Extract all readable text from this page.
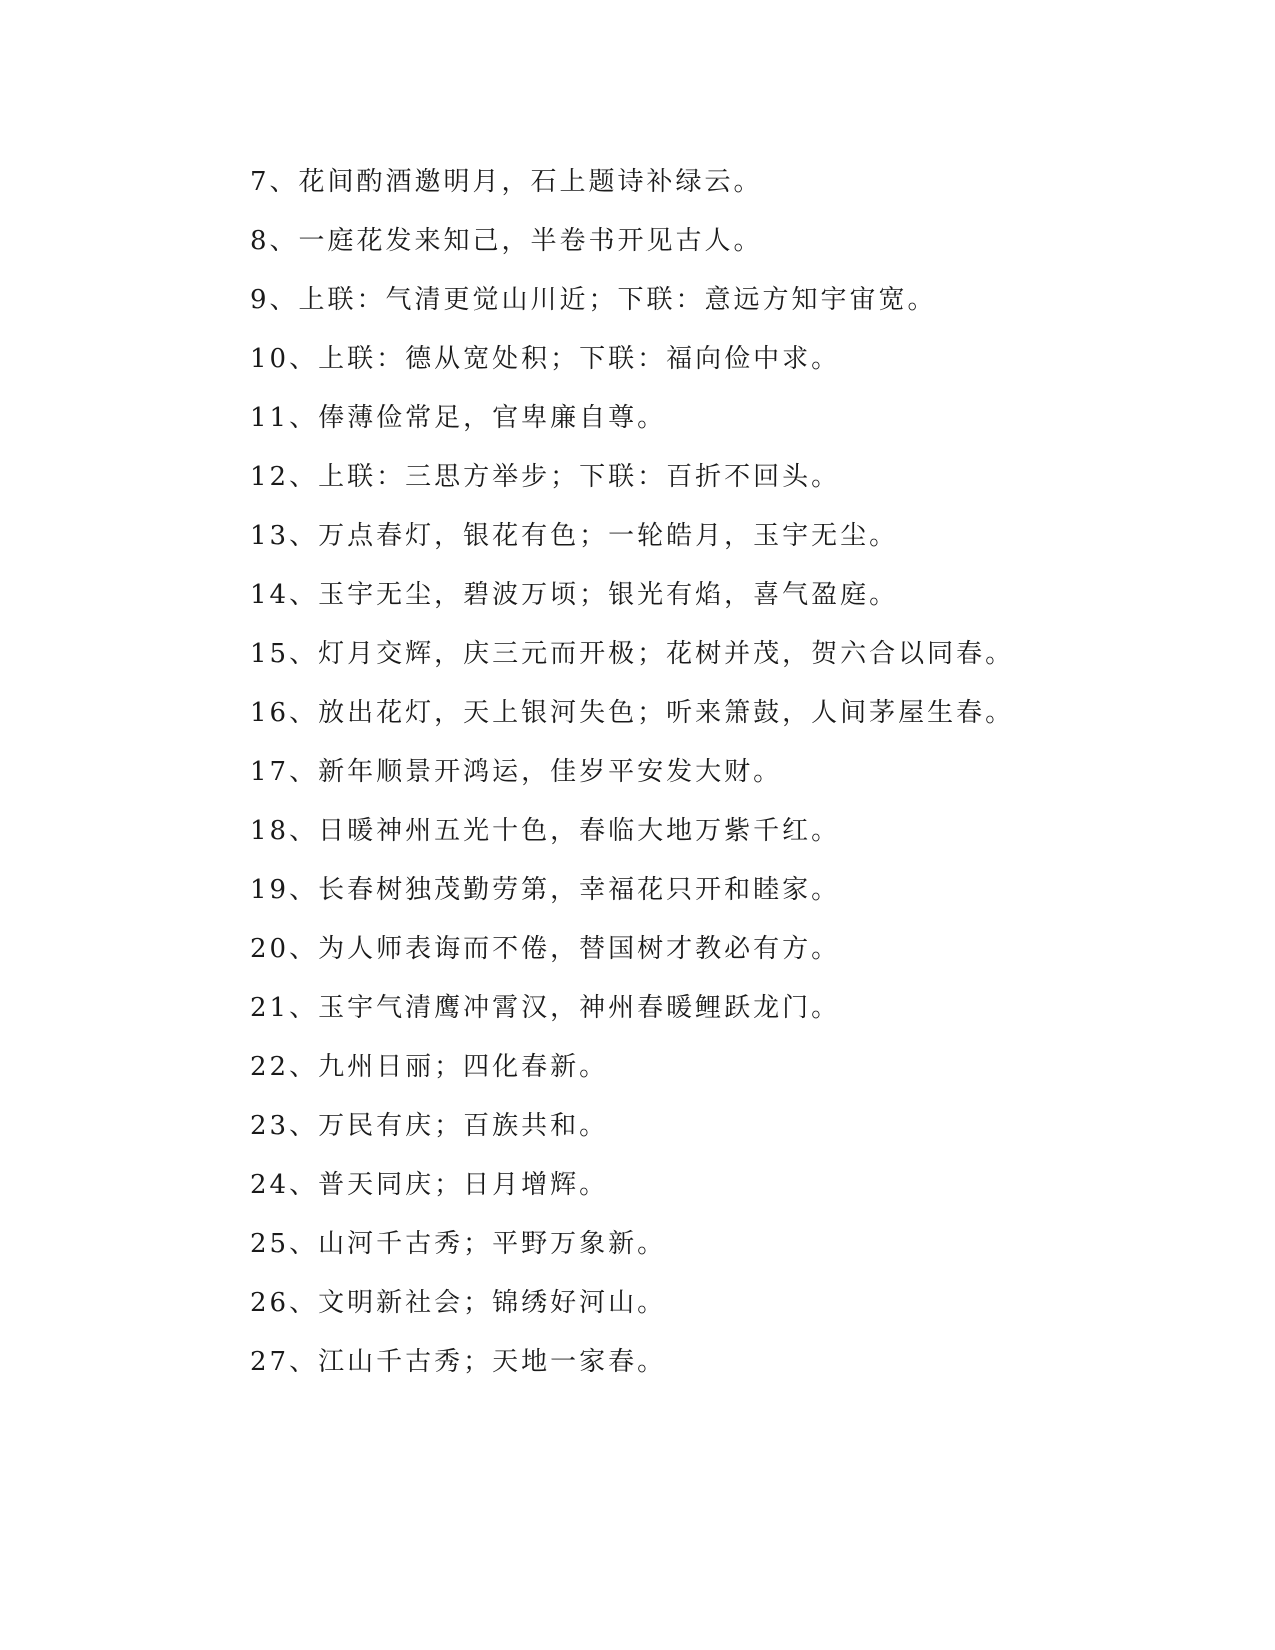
7、花间酌酒邀明月，石上题诗补绿云。
8、一庭花发来知己，半卷书开见古人。
9、上联：气清更觉山川近；下联：意远方知宇宙宽。
10、上联：德从宽处积；下联：福向俭中求。
11、俸薄俭常足，官卑廉自尊。
12、上联：三思方举步；下联：百折不回头。
13、万点春灯，银花有色；一轮皓月，玉宇无尘。
14、玉宇无尘，碧波万顷；银光有焰，喜气盈庭。
15、灯月交辉，庆三元而开极；花树并茂，贺六合以同春。
16、放出花灯，天上银河失色；听来箫鼓，人间茅屋生春。
17、新年顺景开鸿运，佳岁平安发大财。
18、日暖神州五光十色，春临大地万紫千红。
19、长春树独茂勤劳第，幸福花只开和睦家。
20、为人师表诲而不倦，替国树才教必有方。
21、玉宇气清鹰冲霄汉，神州春暖鲤跃龙门。
22、九州日丽；四化春新。
23、万民有庆；百族共和。
24、普天同庆；日月增辉。
25、山河千古秀；平野万象新。
26、文明新社会；锦绣好河山。
27、江山千古秀；天地一家春。
